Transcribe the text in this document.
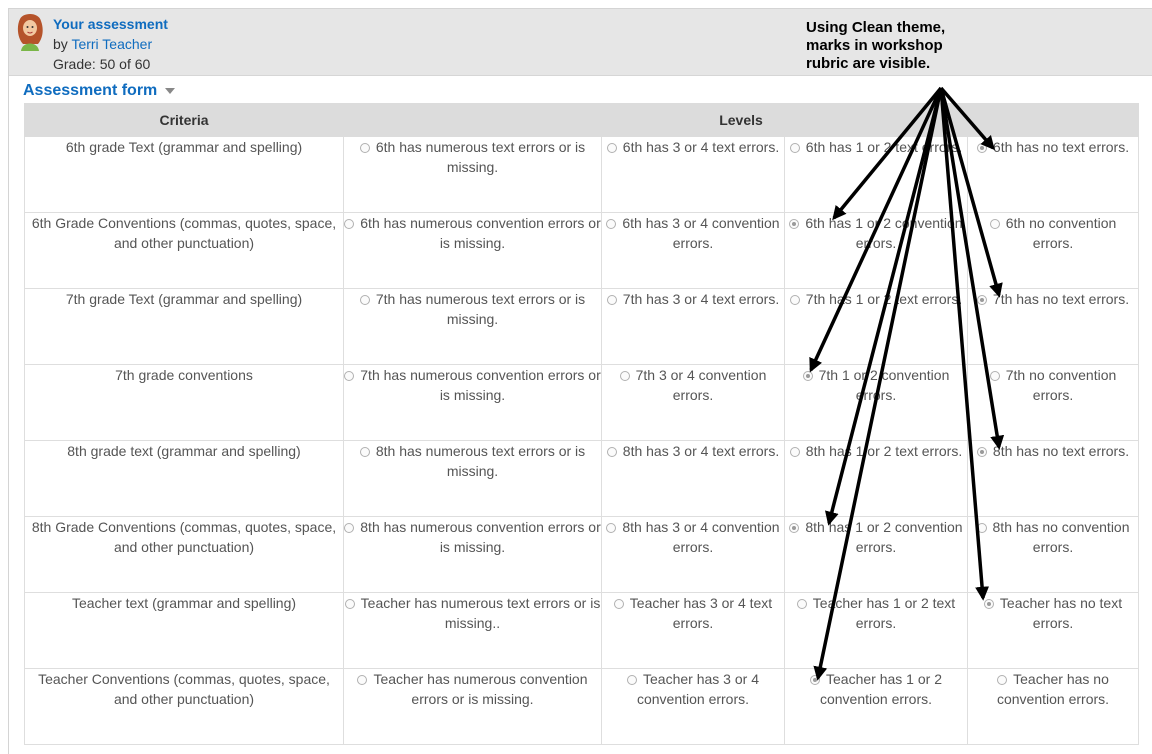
Your assessment
by Terri Teacher
Grade: 50 of 60
Assessment form
Criteria	Levels			
6th grade Text (grammar and spelling)	6th has numerous text errors or is missing.	6th has 3 or 4 text errors.	6th has 1 or 2 text errors.	6th has no text errors.
6th Grade Conventions (commas, quotes, space, and other punctuation)	6th has numerous convention errors or is missing.	6th has 3 or 4 convention errors.	6th has 1 or 2 convention errors.	6th no convention errors.
7th grade Text (grammar and spelling)	7th has numerous text errors or is missing.	7th has 3 or 4 text errors.	7th has 1 or 2 text errors.	7th has no text errors.
7th grade conventions	7th has numerous convention errors or is missing.	7th 3 or 4 convention errors.	7th 1 or 2 convention errors.	7th no convention errors.
8th grade text (grammar and spelling)	8th has numerous text errors or is missing.	8th has 3 or 4 text errors.	8th has 1 or 2 text errors.	8th has no text errors.
8th Grade Conventions (commas, quotes, space, and other punctuation)	8th has numerous convention errors or is missing.	8th has 3 or 4 convention errors.	8th has 1 or 2 convention errors.	8th has no convention errors.
Teacher text (grammar and spelling)	Teacher has numerous text errors or is missing..	Teacher has 3 or 4 text errors.	Teacher has 1 or 2 text errors.	Teacher has no text errors.
Teacher Conventions (commas, quotes, space, and other punctuation)	Teacher has numerous convention errors or is missing.	Teacher has 3 or 4 convention errors.	Teacher has 1 or 2 convention errors.	Teacher has no convention errors.
Using Clean theme,
marks in workshop
rubric are visible.
